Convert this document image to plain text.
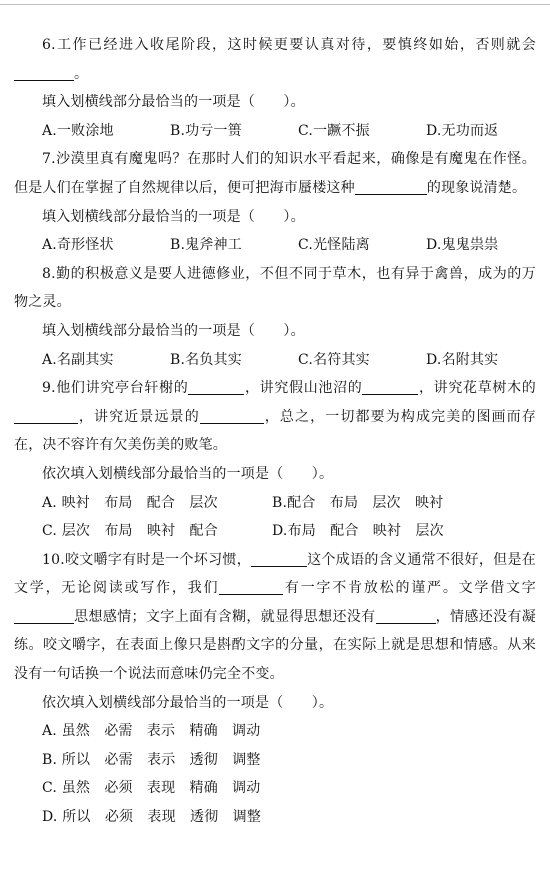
6.工作已经进入收尾阶段，这时候更要认真对待，要慎终如始，否则就会。
填入划横线部分最恰当的一项是（　　）。
A.一败涂地	B.功亏一篑	C.一蹶不振	D.无功而返
7.沙漠里真有魔鬼吗？在那时人们的知识水平看起来，确像是有魔鬼在作怪。但是人们在掌握了自然规律以后，便可把海市蜃楼这种	的现象说清楚。
填入划横线部分最恰当的一项是（　　）。
A.奇形怪状	B.鬼斧神工	C.光怪陆离	D.鬼鬼祟祟
8.勤的积极意义是要人进德修业，不但不同于草木，也有异于禽兽，成为的万物之灵。
填入划横线部分最恰当的一项是（　　）。
A.名副其实	B.名负其实	C.名符其实	D.名附其实
9.他们讲究亭台轩榭的	，讲究假山池沼的	，讲究花草树木的，讲究近景远景的	，总之，一切都要为构成完美的图画而存在，决不容许有欠美伤美的败笔。
依次填入划横线部分最恰当的一项是（　　）。
A. 映衬　布局　配合　层次	B.配合　布局　层次　映衬
C. 层次　布局　映衬　配合	D.布局　配合　映衬　层次
10.咬文嚼字有时是一个坏习惯，	这个成语的含义通常不很好，但是在文学，无论阅读或写作，我们	有一字不肯放松的谨严。文学借文字思想感情；文字上面有含糊，就显得思想还没有	，情感还没有凝练。咬文嚼字，在表面上像只是斟酌文字的分量，在实际上就是思想和情感。从来没有一句话换一个说法而意味仍完全不变。
依次填入划横线部分最恰当的一项是（　　）。
A. 虽然　必需　表示　精确　调动
B. 所以　必需　表示　透彻　调整
C. 虽然　必须　表现　精确　调动
D. 所以　必须　表现　透彻　调整
